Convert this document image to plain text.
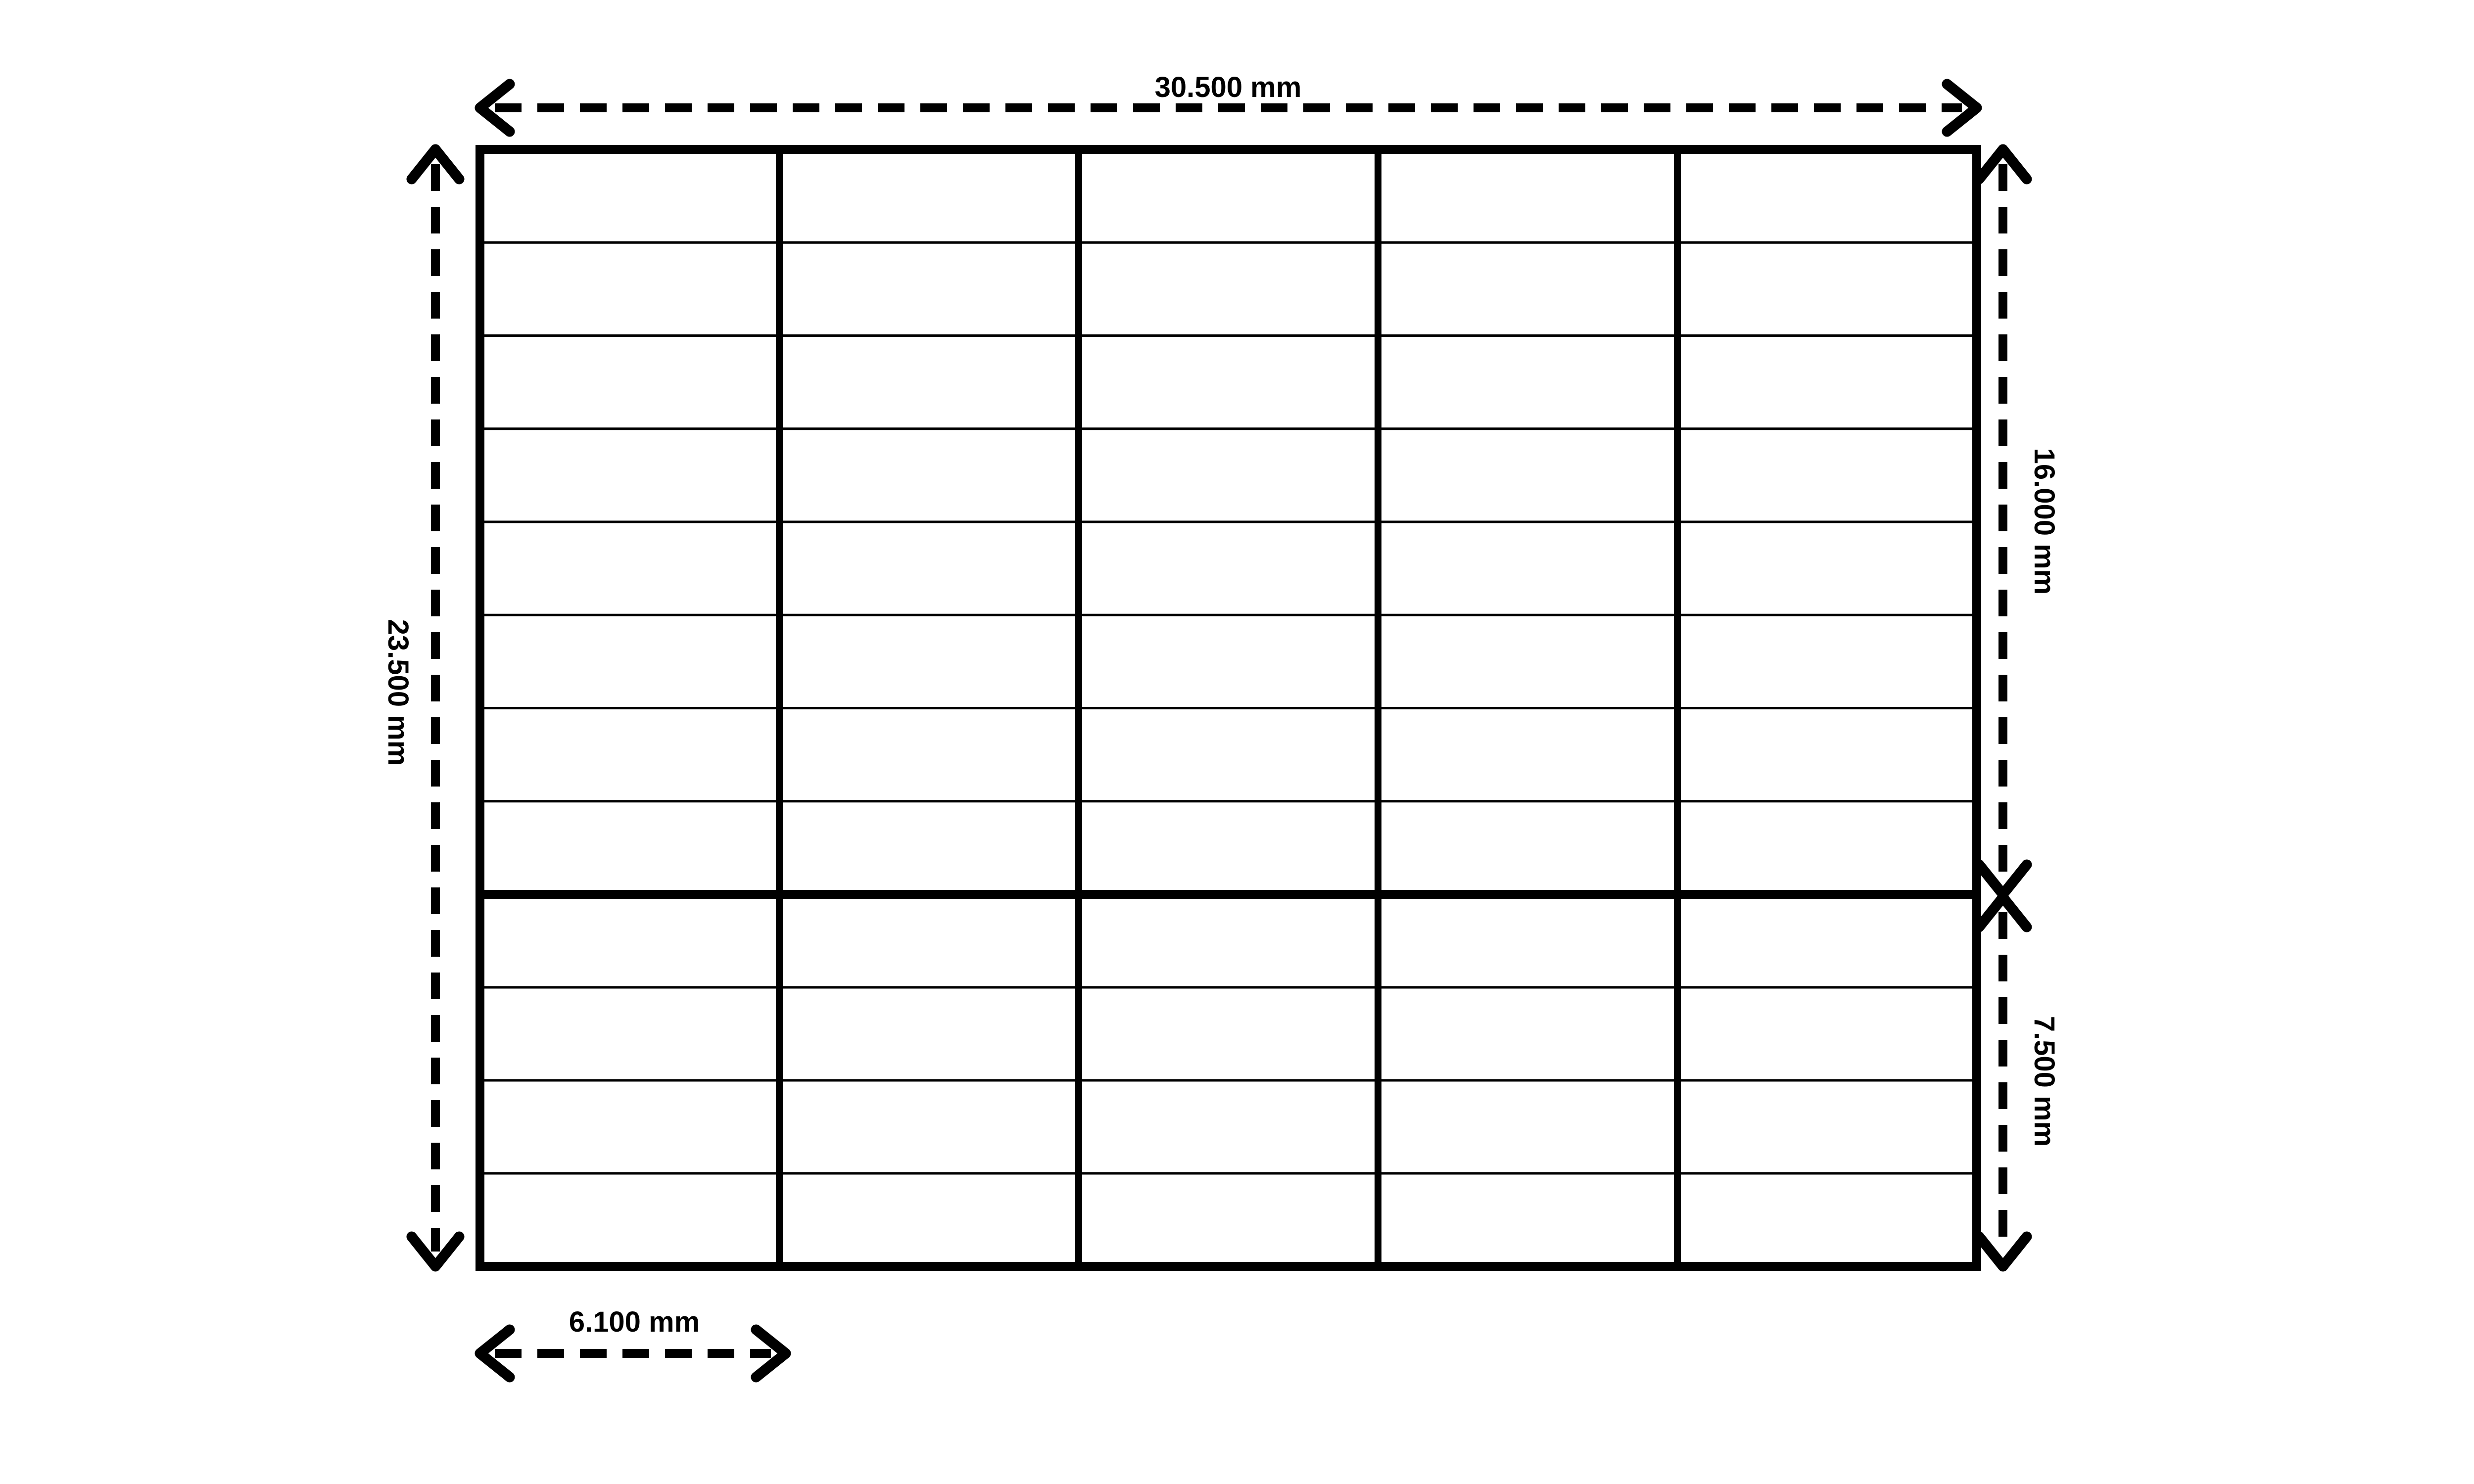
30.500 mm
23.500 mm
16.000 mm
7.500 mm
6.100 mm
